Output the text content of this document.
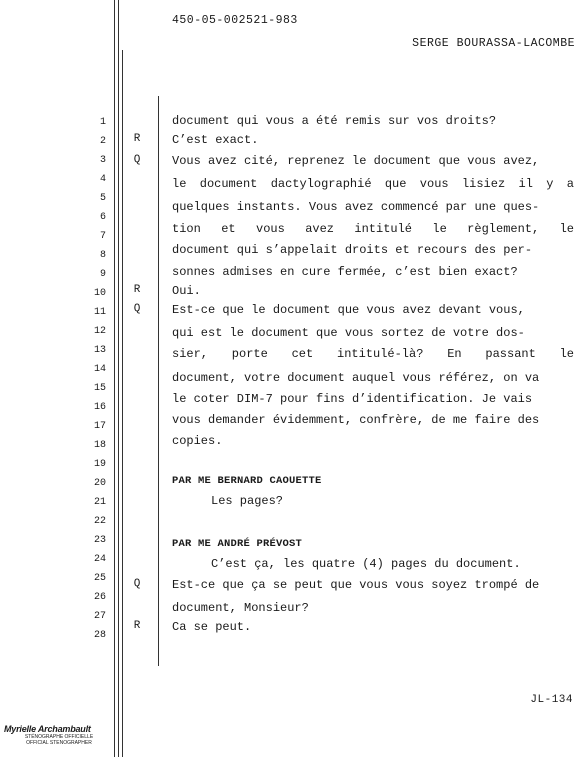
450-05-002521-983
SERGE BOURASSA-LACOMBE
1	document qui vous a été remis sur vos droits?
2	R	C’est exact.
3	Q	Vous avez cité, reprenez le document que vous avez,
4
5
le document dactylographié que vous lisiez il y a
6
quelques instants. Vous avez commencé par une ques-
7
tion et vous avez intitulé le règlement, le
8	document qui s’appelait droits et recours des per-
9	sonnes admises en cure fermée, c’est bien exact?
10	R	Oui.
11	Q	Est-ce que le document que vous avez devant vous,
12	qui est le document que vous sortez de votre dos-
13	sier, porte cet intitulé-là? En passant le
14
15
document, votre document auquel vous référez, on va
16
le coter DIM-7 pour fins d’identification. Je vais
17	vous demander évidemment, confrère, de me faire des
18	copies.
19
20	PAR ME BERNARD CAOUETTE
21	Les pages?
22
23	PAR ME ANDRÉ PRÉVOST
24	C’est ça, les quatre (4) pages du document.
25
26
Q	Est-ce que ça se peut que vous vous soyez trompé de
27
document, Monsieur?
28
R	Ca se peut.
JL-134
Myrielle Archambault
STÉNOGRAPHE OFFICIELLE
OFFICIAL STENOGRAPHER
